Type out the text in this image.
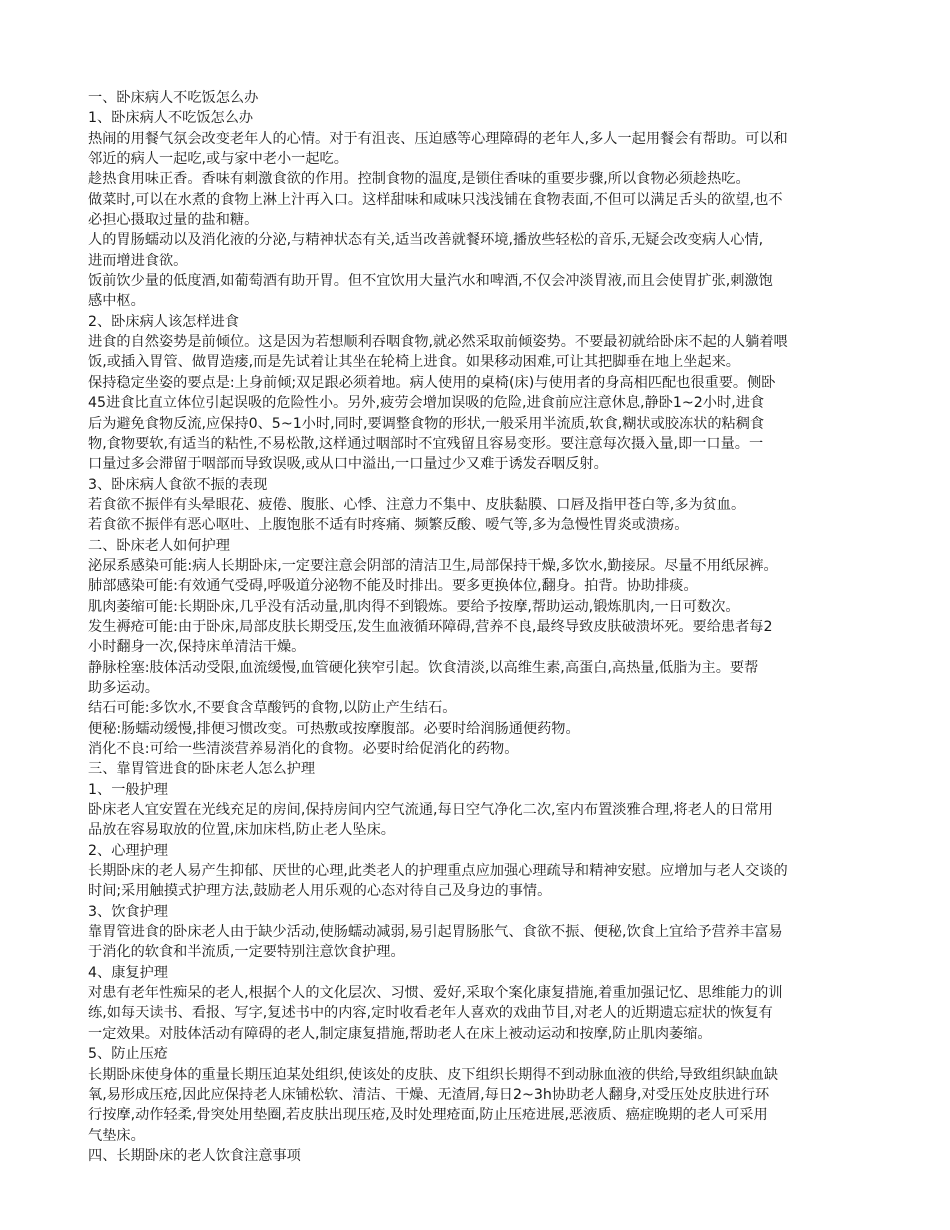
一、卧床病人不吃饭怎么办
1、卧床病人不吃饭怎么办
热闹的用餐气氛会改变老年人的心情。对于有沮丧、压迫感等心理障碍的老年人,多人一起用餐会有帮助。可以和
邻近的病人一起吃,或与家中老小一起吃。
趁热食用味正香。香味有刺激食欲的作用。控制食物的温度,是锁住香味的重要步骤,所以食物必须趁热吃。
做菜时,可以在水煮的食物上淋上汁再入口。这样甜味和咸味只浅浅铺在食物表面,不但可以满足舌头的欲望,也不
必担心摄取过量的盐和糖。
人的胃肠蠕动以及消化液的分泌,与精神状态有关,适当改善就餐环境,播放些轻松的音乐,无疑会改变病人心情,
进而增进食欲。
饭前饮少量的低度酒,如葡萄酒有助开胃。但不宜饮用大量汽水和啤酒,不仅会冲淡胃液,而且会使胃扩张,刺激饱
感中枢。
2、卧床病人该怎样进食
进食的自然姿势是前倾位。这是因为若想顺利吞咽食物,就必然采取前倾姿势。不要最初就给卧床不起的人躺着喂
饭,或插入胃管、做胃造瘘,而是先试着让其坐在轮椅上进食。如果移动困难,可让其把脚垂在地上坐起来。
保持稳定坐姿的要点是:上身前倾;双足跟必须着地。病人使用的桌椅(床)与使用者的身高相匹配也很重要。侧卧
45进食比直立体位引起误吸的危险性小。另外,疲劳会增加误吸的危险,进食前应注意休息,静卧1~2小时,进食
后为避免食物反流,应保持0、5~1小时,同时,要调整食物的形状,一般采用半流质,软食,糊状或胶冻状的粘稠食
物,食物要软,有适当的粘性,不易松散,这样通过咽部时不宜残留且容易变形。要注意每次摄入量,即一口量。一
口量过多会滞留于咽部而导致误吸,或从口中溢出,一口量过少又难于诱发吞咽反射。
3、卧床病人食欲不振的表现
若食欲不振伴有头晕眼花、疲倦、腹胀、心悸、注意力不集中、皮肤黏膜、口唇及指甲苍白等,多为贫血。
若食欲不振伴有恶心呕吐、上腹饱胀不适有时疼痛、频繁反酸、嗳气等,多为急慢性胃炎或溃疡。
二、卧床老人如何护理
泌尿系感染可能:病人长期卧床,一定要注意会阴部的清洁卫生,局部保持干燥,多饮水,勤接尿。尽量不用纸尿裤。
肺部感染可能:有效通气受碍,呼吸道分泌物不能及时排出。要多更换体位,翻身。拍背。协助排痰。
肌肉萎缩可能:长期卧床,几乎没有活动量,肌肉得不到锻炼。要给予按摩,帮助运动,锻炼肌肉,一日可数次。
发生褥疮可能:由于卧床,局部皮肤长期受压,发生血液循环障碍,营养不良,最终导致皮肤破溃坏死。要给患者每2
小时翻身一次,保持床单清洁干燥。
静脉栓塞:肢体活动受限,血流缓慢,血管硬化狭窄引起。饮食清淡,以高维生素,高蛋白,高热量,低脂为主。要帮
助多运动。
结石可能:多饮水,不要食含草酸钙的食物,以防止产生结石。
便秘:肠蠕动缓慢,排便习惯改变。可热敷或按摩腹部。必要时给润肠通便药物。
消化不良:可给一些清淡营养易消化的食物。必要时给促消化的药物。
三、靠胃管进食的卧床老人怎么护理
1、一般护理
卧床老人宜安置在光线充足的房间,保持房间内空气流通,每日空气净化二次,室内布置淡雅合理,将老人的日常用
品放在容易取放的位置,床加床档,防止老人坠床。
2、心理护理
长期卧床的老人易产生抑郁、厌世的心理,此类老人的护理重点应加强心理疏导和精神安慰。应增加与老人交谈的
时间;采用触摸式护理方法,鼓励老人用乐观的心态对待自己及身边的事情。
3、饮食护理
靠胃管进食的卧床老人由于缺少活动,使肠蠕动减弱,易引起胃肠胀气、食欲不振、便秘,饮食上宜给予营养丰富易
于消化的软食和半流质,一定要特别注意饮食护理。
4、康复护理
对患有老年性痴呆的老人,根据个人的文化层次、习惯、爱好,采取个案化康复措施,着重加强记忆、思维能力的训
练,如每天读书、看报、写字,复述书中的内容,定时收看老年人喜欢的戏曲节目,对老人的近期遗忘症状的恢复有
一定效果。对肢体活动有障碍的老人,制定康复措施,帮助老人在床上被动运动和按摩,防止肌肉萎缩。
5、防止压疮
长期卧床使身体的重量长期压迫某处组织,使该处的皮肤、皮下组织长期得不到动脉血液的供给,导致组织缺血缺
氧,易形成压疮,因此应保持老人床铺松软、清洁、干燥、无渣屑,每日2~3h协助老人翻身,对受压处皮肤进行环
行按摩,动作轻柔,骨突处用垫圈,若皮肤出现压疮,及时处理疮面,防止压疮进展,恶液质、癌症晚期的老人可采用
气垫床。
四、长期卧床的老人饮食注意事项
